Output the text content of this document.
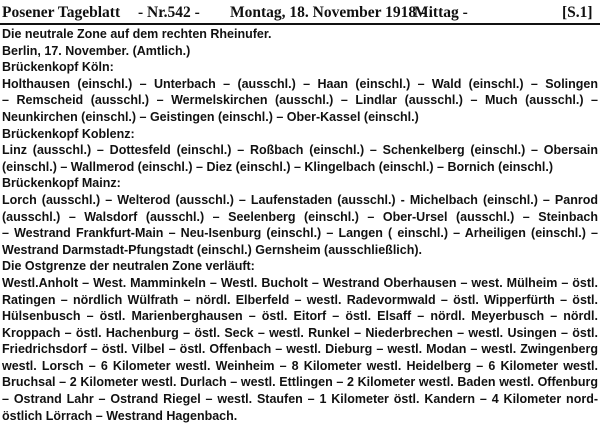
Posener Tageblatt - Nr.542 - Montag, 18. November 1918 -
Mittag -	[S.1]
Die neutrale Zone auf dem rechten Rheinufer.
Berlin, 17. November. (Amtlich.)
Brückenkopf Köln:
Holthausen (einschl.) – Unterbach – (ausschl.) – Haan (einschl.) – Wald (einschl.) – Solingen
– Remscheid (ausschl.) – Wermelskirchen (ausschl.) – Lindlar (ausschl.) – Much (ausschl.) –
Neunkirchen (einschl.) – Geistingen (einschl.) – Ober-Kassel (einschl.)
Brückenkopf Koblenz:
Linz (ausschl.) – Dottesfeld (einschl.) – Roßbach (einschl.) – Schenkelberg (einschl.) – Obersain
(einschl.) – Wallmerod (einschl.) – Diez (einschl.) – Klingelbach (einschl.) – Bornich (einschl.)
Brückenkopf Mainz:
Lorch (ausschl.) – Welterod (ausschl.) – Laufenstaden (ausschl.) - Michelbach (einschl.) – Panrod
(ausschl.) – Walsdorf (ausschl.) – Seelenberg (einschl.) – Ober-Ursel (ausschl.) – Steinbach
– Westrand Frankfurt-Main – Neu-Isenburg (einschl.) – Langen ( einschl.) – Arheiligen (einschl.) –
Westrand Darmstadt-Pfungstadt (einschl.) Gernsheim (ausschließlich).
Die Ostgrenze der neutralen Zone verläuft:
Westl.Anholt – West. Mamminkeln – Westl. Bucholt – Westrand Oberhausen – west. Mülheim – östl.
Ratingen – nördlich Wülfrath – nördl. Elberfeld – westl. Radevormwald – östl. Wipperfürth – östl.
Hülsenbusch – östl. Marienberghausen – östl. Eitorf – östl. Elsaff – nördl. Meyerbusch – nördl.
Kroppach – östl. Hachenburg – östl. Seck – westl. Runkel – Niederbrechen – westl. Usingen – östl.
Friedrichsdorf – östl. Vilbel – östl. Offenbach – westl. Dieburg – westl. Modan – westl. Zwingenberg
westl. Lorsch – 6 Kilometer westl. Weinheim – 8 Kilometer westl. Heidelberg – 6 Kilometer westl.
Bruchsal – 2 Kilometer westl. Durlach – westl. Ettlingen – 2 Kilometer westl. Baden westl. Offenburg
– Ostrand Lahr – Ostrand Riegel – westl. Staufen – 1 Kilometer östl. Kandern – 4 Kilometer nord-
östlich Lörrach – Westrand Hagenbach.
